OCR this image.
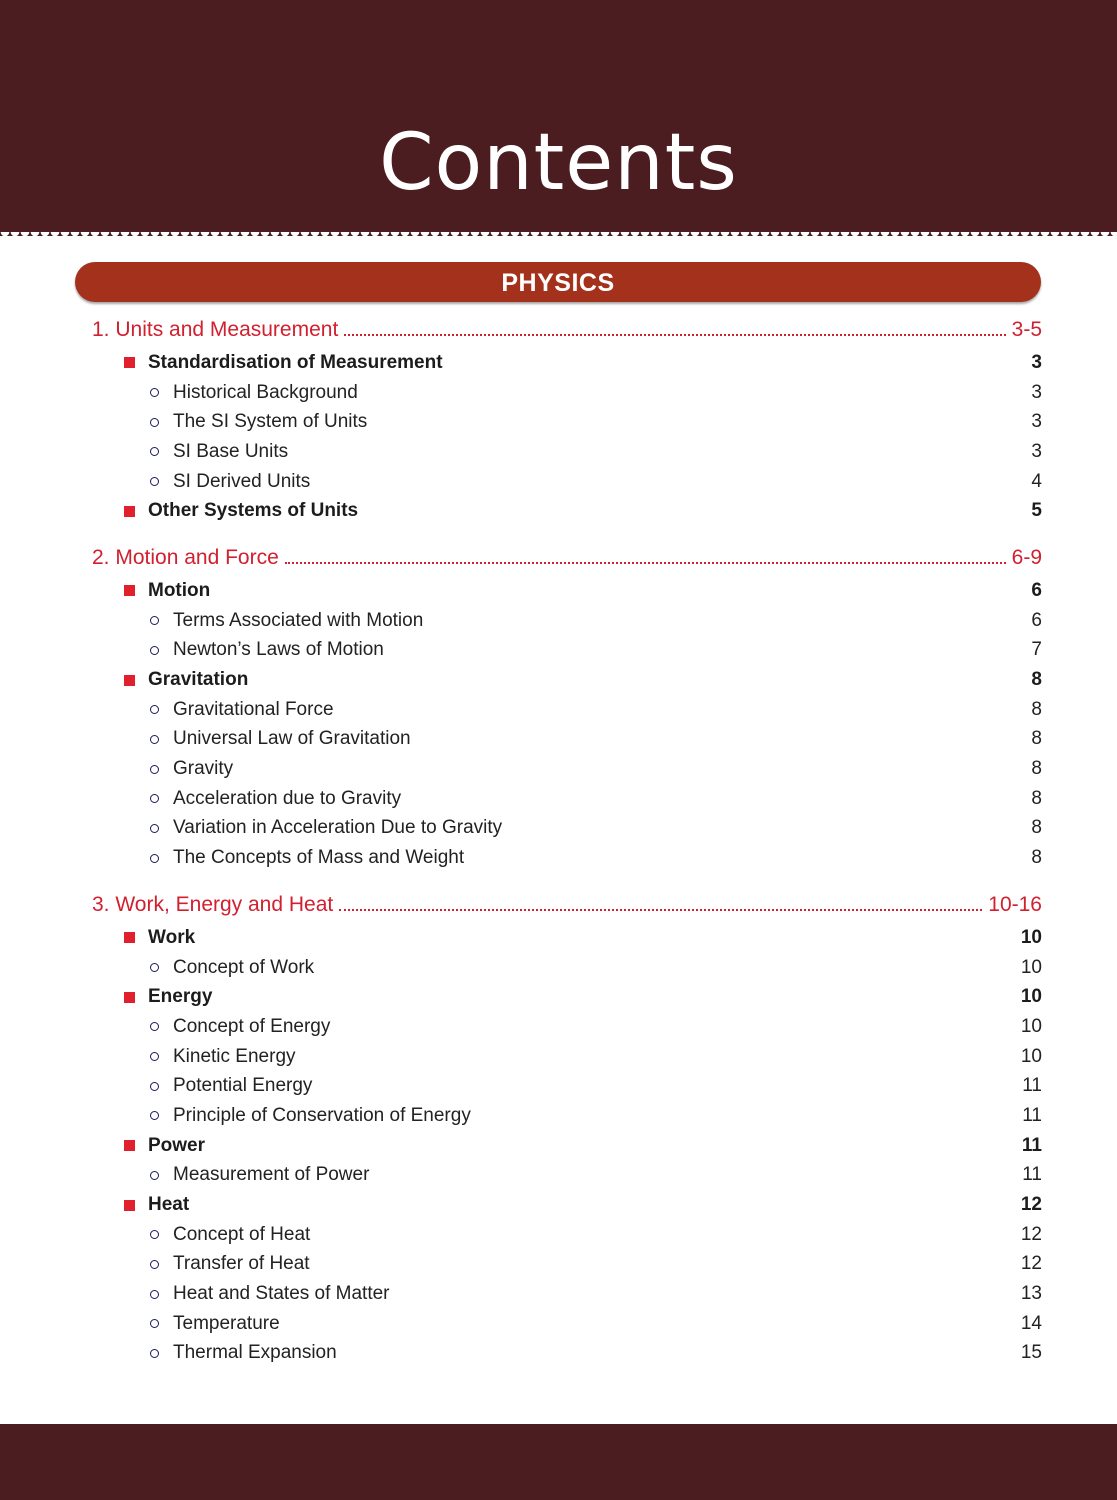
Contents
PHYSICS
1. Units and Measurement	3-5
Standardisation of Measurement	3
Historical Background	3
The SI System of Units	3
SI Base Units	3
SI Derived Units	4
Other Systems of Units	5
2. Motion and Force	6-9
Motion	6
Terms Associated with Motion	6
Newton’s Laws of Motion	7
Gravitation	8
Gravitational Force	8
Universal Law of Gravitation	8
Gravity	8
Acceleration due to Gravity	8
Variation in Acceleration Due to Gravity	8
The Concepts of Mass and Weight	8
3. Work, Energy and Heat	10-16
Work	10
Concept of Work	10
Energy	10
Concept of Energy	10
Kinetic Energy	10
Potential Energy	11
Principle of Conservation of Energy	11
Power	11
Measurement of Power	11
Heat	12
Concept of Heat	12
Transfer of Heat	12
Heat and States of Matter	13
Temperature	14
Thermal Expansion	15
